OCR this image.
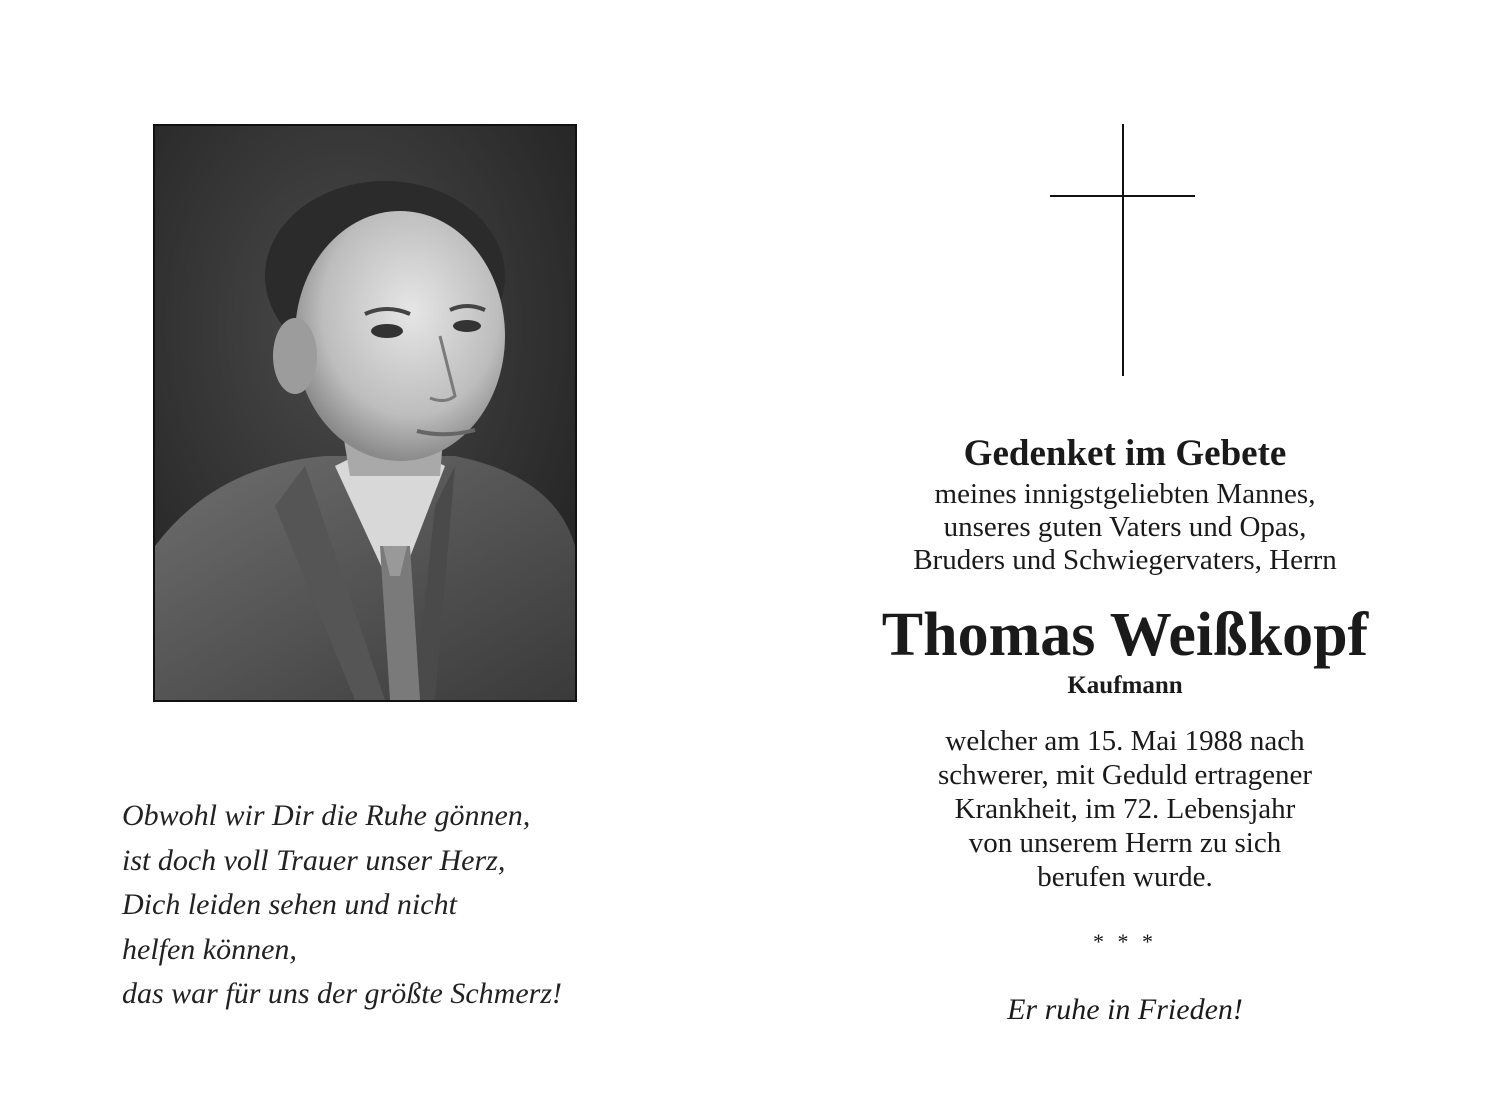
Obwohl wir Dir die Ruhe gönnen,
ist doch voll Trauer unser Herz,
Dich leiden sehen und nicht
helfen können,
das war für uns der größte Schmerz!
Gedenket im Gebete
meines innigstgeliebten Mannes,
unseres guten Vaters und Opas,
Bruders und Schwiegervaters, Herrn
Thomas Weißkopf
Kaufmann
welcher am 15. Mai 1988 nach
schwerer, mit Geduld ertragener
Krankheit, im 72. Lebensjahr
von unserem Herrn zu sich
berufen wurde.
* * *
Er ruhe in Frieden!
